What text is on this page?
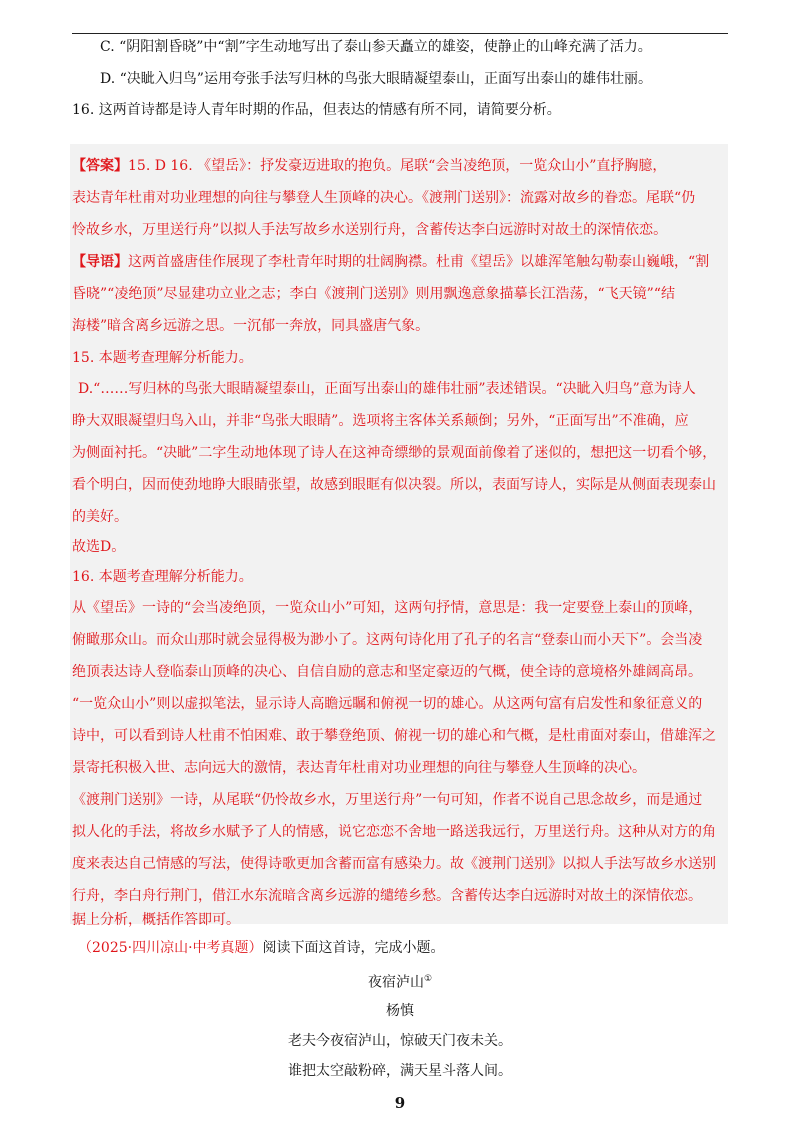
C. “阴阳割昏晓”中“割”字生动地写出了泰山参天矗立的雄姿，使静止的山峰充满了活力。
D. “决眦入归鸟”运用夸张手法写归林的鸟张大眼睛凝望泰山，正面写出泰山的雄伟壮丽。
16. 这两首诗都是诗人青年时期的作品，但表达的情感有所不同，请简要分析。
【答案】15. D 16. 《望岳》：抒发豪迈进取的抱负。尾联“会当凌绝顶，一览众山小”直抒胸臆，
表达青年杜甫对功业理想的向往与攀登人生顶峰的决心。《渡荆门送别》：流露对故乡的眷恋。尾联“仍
怜故乡水，万里送行舟”以拟人手法写故乡水送别行舟，含蓄传达李白远游时对故土的深情依恋。
【导语】这两首盛唐佳作展现了李杜青年时期的壮阔胸襟。杜甫《望岳》以雄浑笔触勾勒泰山巍峨，“割
昏晓”“凌绝顶”尽显建功立业之志；李白《渡荆门送别》则用飘逸意象描摹长江浩荡，“飞天镜”“结
海楼”暗含离乡远游之思。一沉郁一奔放，同具盛唐气象。
15. 本题考查理解分析能力。
D.“……写归林的鸟张大眼睛凝望泰山，正面写出泰山的雄伟壮丽”表述错误。“决眦入归鸟”意为诗人
睁大双眼凝望归鸟入山，并非“鸟张大眼睛”。选项将主客体关系颠倒；另外，“正面写出”不准确，应
为侧面衬托。“决眦”二字生动地体现了诗人在这神奇缥缈的景观面前像着了迷似的，想把这一切看个够，
看个明白，因而使劲地睁大眼睛张望，故感到眼眶有似决裂。所以，表面写诗人，实际是从侧面表现泰山
的美好。
故选D。
16. 本题考查理解分析能力。
从《望岳》一诗的“会当凌绝顶，一览众山小”可知，这两句抒情，意思是：我一定要登上泰山的顶峰，
俯瞰那众山。而众山那时就会显得极为渺小了。这两句诗化用了孔子的名言“登泰山而小天下”。会当凌
绝顶表达诗人登临泰山顶峰的决心、自信自励的意志和坚定豪迈的气概，使全诗的意境格外雄阔高昂。
“一览众山小”则以虚拟笔法，显示诗人高瞻远瞩和俯视一切的雄心。从这两句富有启发性和象征意义的
诗中，可以看到诗人杜甫不怕困难、敢于攀登绝顶、俯视一切的雄心和气概，是杜甫面对泰山，借雄浑之
景寄托积极入世、志向远大的激情，表达青年杜甫对功业理想的向往与攀登人生顶峰的决心。
《渡荆门送别》一诗，从尾联“仍怜故乡水，万里送行舟”一句可知，作者不说自己思念故乡，而是通过
拟人化的手法，将故乡水赋予了人的情感，说它恋恋不舍地一路送我远行，万里送行舟。这种从对方的角
度来表达自己情感的写法，使得诗歌更加含蓄而富有感染力。故《渡荆门送别》以拟人手法写故乡水送别
行舟，李白舟行荆门，借江水东流暗含离乡远游的缱绻乡愁。含蓄传达李白远游时对故土的深情依恋。
据上分析，概括作答即可。
（2025·四川凉山·中考真题）阅读下面这首诗，完成小题。
夜宿泸山①
杨慎
老夫今夜宿泸山，惊破天门夜未关。
谁把太空敲粉碎，满天星斗落人间。
9
